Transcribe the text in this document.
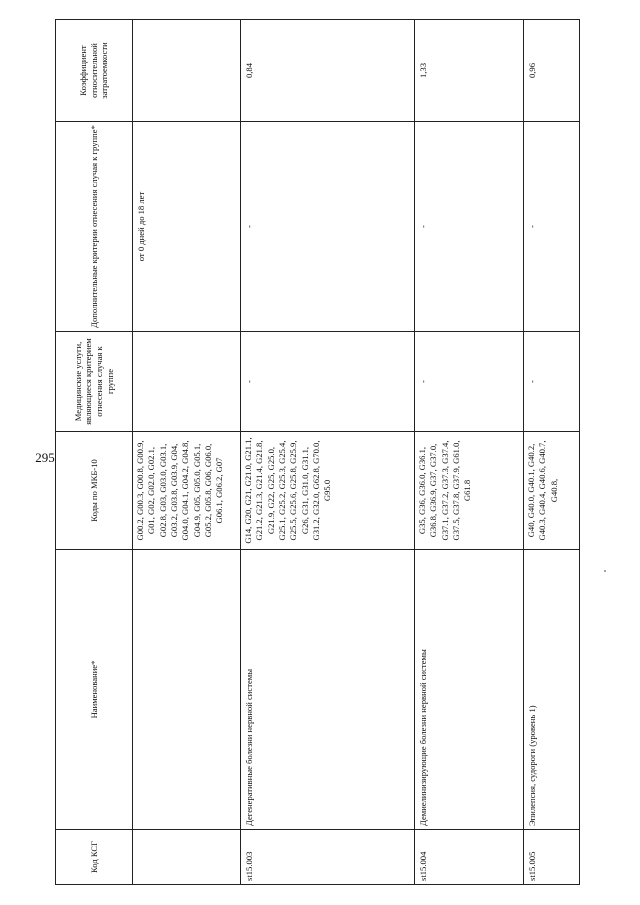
295
Код КСГ	Наименование*	Коды по МКБ-10	Медицинские услуги, являющиеся критерием отнесения случая к группе	Дополнительные критерии отнесения случая к группе*	Коэффициент относительной затратоемкости
		G00.2, G00.3, G00.8, G00.9, G01, G02, G02.0, G02.1, G02.8, G03, G03.0, G03.1, G03.2, G03.8, G03.9, G04, G04.0, G04.1, G04.2, G04.8, G04.9, G05, G05.0, G05.1, G05.2, G05.8, G06, G06.0, G06.1, G06.2, G07		от 0 дней до 18 лет	
st15.003	Дегенеративные болезни нервной системы	G14, G20, G21, G21.0, G21.1, G21.2, G21.3, G21.4, G21.8, G21.9, G22, G25, G25.0, G25.1, G25.2, G25.3, G25.4, G25.5, G25.6, G25.8, G25.9, G26, G31, G31.0, G31.1, G31.2, G32.0, G62.8, G70.0, G95.0	-	-	0,84
st15.004	Демиелинизирующие болезни нервной системы	G35, G36, G36.0, G36.1, G36.8, G36.9, G37, G37.0, G37.1, G37.2, G37.3, G37.4, G37.5, G37.8, G37.9, G61.0, G61.8	-	-	1,33
st15.005	Эпилепсия, судороги (уровень 1)	G40, G40.0, G40.1, G40.2, G40.3, G40.4, G40.6, G40.7, G40.8,	-	-	0,96
